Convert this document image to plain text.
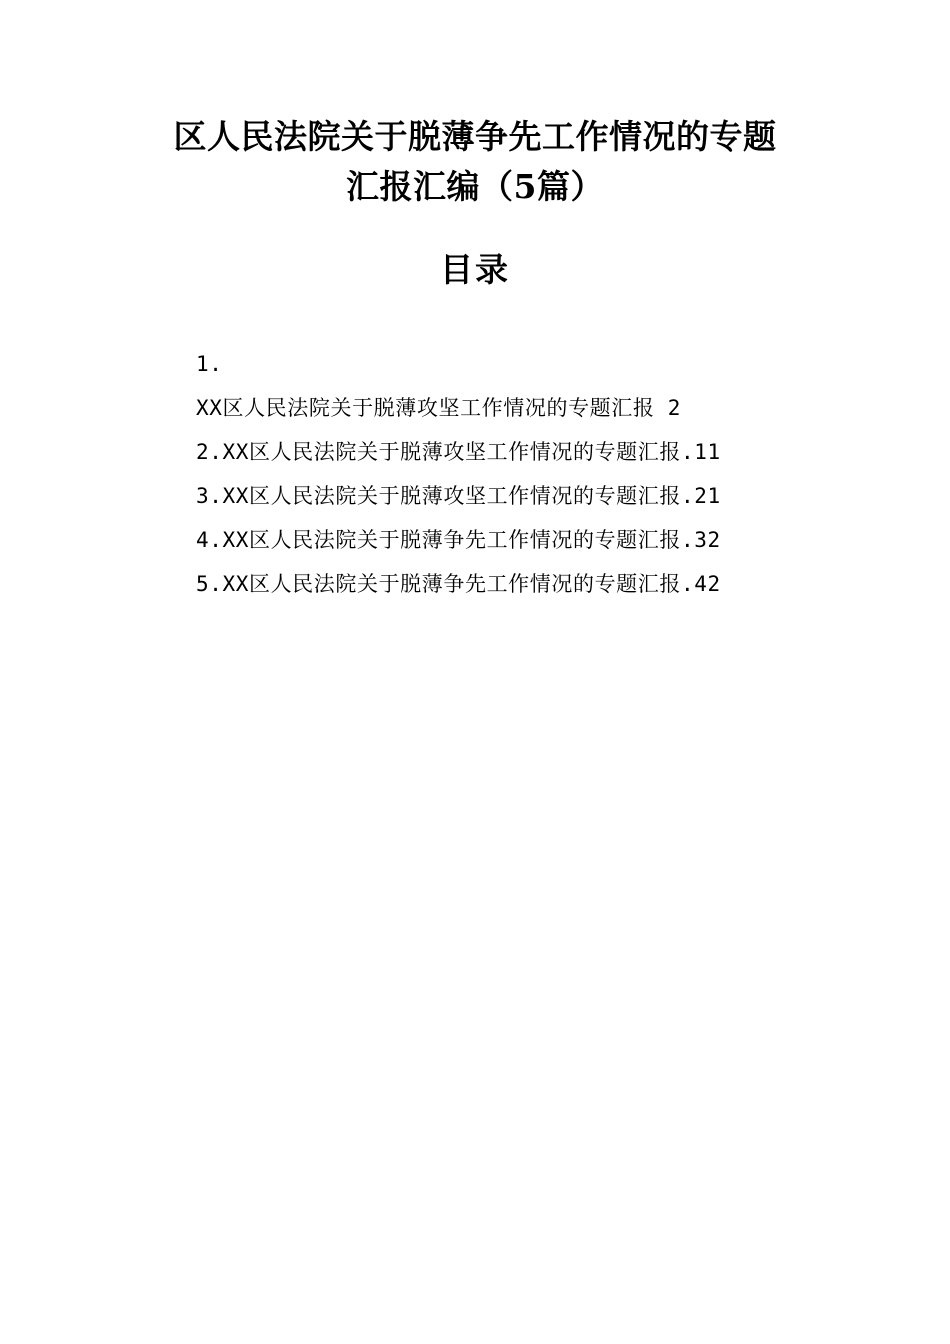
区人民法院关于脱薄争先工作情况的专题
汇报汇编（5篇）
目录
1.
XX区人民法院关于脱薄攻坚工作情况的专题汇报 2
2.XX区人民法院关于脱薄攻坚工作情况的专题汇报.11
3.XX区人民法院关于脱薄攻坚工作情况的专题汇报.21
4.XX区人民法院关于脱薄争先工作情况的专题汇报.32
5.XX区人民法院关于脱薄争先工作情况的专题汇报.42
